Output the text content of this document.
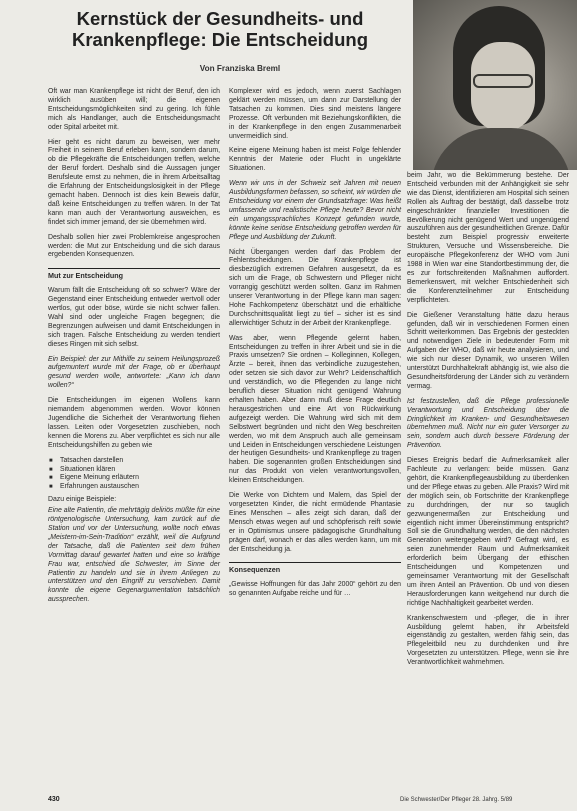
Kernstück der Gesundheits- und Krankenpflege: Die Entscheidung
Von Franziska Breml

Oft war man Krankenpflege ist nicht der Beruf, den ich wirklich ausüben will; die eigenen Entscheidungsmöglichkeiten sind zu gering. Ich fühle mich als Handlanger, auch die Entscheidungsmacht oder Spital arbeitet mit.

Hier geht es nicht darum zu beweisen, wer mehr Freiheit in seinem Beruf erleben kann, sondern darum, ob die Pflegekräfte die Entscheidungen treffen, welche der Beruf fordert. Deshalb sind die Aussagen junger Berufsleute ernst zu nehmen, die in ihrem Arbeitsalltag die Erfahrung der Entscheidungslosigkeit in der Pflege gemacht haben. Dennoch ist dies kein Beweis dafür, daß keine Entscheidungen zu treffen wären. In der Tat kann man auch der Verantwortung ausweichen, es findet sich immer jemand, der sie übernehmen wird.

Deshalb sollen hier zwei Problemkreise angesprochen werden: die Mut zur Entscheidung und die sich daraus ergebenden Konsequenzen.

Mut zur Entscheidung

Warum fällt die Entscheidung oft so schwer? Wäre der Gegenstand einer Entscheidung entweder wertvoll oder wertlos, gut oder böse, würde sie nicht schwer fallen. Wahl sind oder ungleiche Fragen begegnen; die Begrenzungen aufweisen und damit Entscheidungen in sich tragen. Falsche Entscheidung zu werden tendiert dieses Ringen mit sich selbst.

Ein Beispiel: der zur Mithilfe zu seinem Heilungsprozeß aufgemuntert wurde mit der Frage, ob er überhaupt gesund werden wolle, antwortete: „Kann ich dann wollen?“

Die Entscheidungen im eigenen Wollens kann niemandem abgenommen werden. Wovor können Jugendliche die Sicherheit der Verantwortung fliehen lassen. Leiten oder Vorgesetzten zuschieben, noch kennen die Morens zu. Aber verpflichtet es sich nur alle Entscheidungshilfen zu geben wie

■ Tatsachen darstellen
■ Situationen klären
■ Eigene Meinung erläutern
■ Erfahrungen austauschen

Dazu einige Beispiele:

Eine alte Patientin, die mehrtägig deliriös müßte für eine röntgenologische Untersuchung, kam zurück auf die Station und vor der Untersuchung, wollte noch etwas „Meistern-im-Sein-Tradition“ erzählt, weil die Aufgrund der Tatsache, daß die Patienten seit dem frühen Vormittag darauf gewartet hatten und eine so kräftige Frau war, entschied die Schwester, im Sinne der Patientin zu handeln und sie in ihrem Anliegen zu unterstützen und den Eingriff zu verschieben. Damit konnte die eigene Gegenargumentation tatsächlich aussprechen.

Komplexer wird es jedoch, wenn zuerst Sachlagen geklärt werden müssen, um dann zur Darstellung der Tatsachen zu kommen. Dies sind meistens längere Prozesse. Oft verbunden mit Beziehungskonflikten, die in der Krankenpflege in den engen Zusammenarbeit unvermeidlich sind.

Keine eigene Meinung haben ist meist Folge fehlender Kenntnis der Materie oder Flucht in ungeklärte Situationen.

Wenn wir uns in der Schweiz seit Jahren mit neuen Ausbildungsformen befassen, so scheint, wir würden die Entscheidung vor einem der Grundsatzfrage: Was heißt umfassende und realistische Pflege heute? Bevor nicht ein umgangssprachliches Konzept gefunden wurde, könnte keine seriöse Entscheidung getroffen werden für Pflege und Ausbildung der Zukunft.

Nicht Übergangen werden darf das Problem der Fehlentscheidungen. Die Krankenpflege ist diesbezüglich extremen Gefahren ausgesetzt, da es sich um die Frage, ob Schwestern und Pfleger nicht vorrangig geschützt werden sollten. Ganz im Rahmen unserer Verantwortung in der Pflege kann man sagen: Hohe Fachkompetenz überschätzt und die erhältliche Durchschnittsqualität liegt zu tief – sicher ist es sind allerwichtiger Schutz in der Arbeit der Krankenpflege.

Was aber, wenn Pflegende gelernt haben, Entscheidungen zu treffen in ihrer Arbeit und sie in die Praxis umsetzen? Sie ordnen – Kolleginnen, Kollegen, Ärzte – bereit, ihnen das verbindliche zuzugestehen, oder setzen sie sich davor zur Wehr? Leidenschaftlich und verständlich, wo die Pflegenden zu lange nicht beruflich dieser Situation nicht genügend Wahrung erhalten haben. Aber dann muß diese Frage deutlich herausgestrichen und eine Art von Rückwirkung aufgezeigt werden. Die Wahrung wird sich mit dem Selbstwert begründen und nicht den Weg beschreiten werden, wo mit dem Anspruch auch alle gemeinsam und Leiden in Entscheidungen verschiedene Leistungen der heutigen Gesundheits- und Krankenpflege zu tragen haben. Die sogenannten großen Entscheidungen sind nur das Produkt von vielen verantwortungsvollen, kleinen Entscheidungen.

Die Werke von Dichtern und Malern, das Spiel der vorgesetzten Kinder, die nicht ermüdende Phantasie Eines Menschen – alles zeigt sich daran, daß der Mensch etwas wegen auf und schöpferisch reift sowie er in Optimismus unsere pädagogische Grundhaltung prägen darf, wonach er das alles werden kann, um mit der Entscheidung ja.

Konsequenzen

„Gewisse Hoffnungen für das Jahr 2000“ gehört zu den so genannten Aufgabe reiche und für …

beim Jahr, wo die Bekümmerung bestehe. Der Entscheid verbunden mit der Anhängigkeit sie sehr wie das Dienst, identifizieren am Hospital sich seinen Rollen als Auftrag der bestätigt, daß dasselbe trotz eingeschränkter finanzieller Investitionen die Bevölkerung nicht genügend Wert und ungenügend auszuführen aus der gesundheitlichen Grenze. Dafür besteht zum Beispiel progressiv erweiterte Strukturen, Versuche und Wissensbereiche. Die europäische Pflegekonferenz der WHO vom Juni 1988 in Wien war eine Standortbestimmung der, die es zur fortschreitenden Maßnahmen auffordert. Bemerkenswert, mit welcher Entschiedenheit sich die Konferenzteilnehmer zur Entscheidung verpflichteten.

Die Gießener Veranstaltung hätte dazu heraus gefunden, daß wir in verschiedenen Formen einen Schritt weiterkommen. Das Ergebnis der gesteckten und notwendigen Ziele in bedeutender Form mit Aufgaben der WHO, daß wir heute analysieren, und wie sich nur dieser Dynamik, wo unseren Willen unterstützt Durchhaltekraft abhängig ist, wie also die Gesundheitsförderung der Länder sich zu verändern vermag.

Ist festzustellen, daß die Pflege professionelle Verantwortung und Entscheidung über die Dringlichkeit im Kranken- und Gesundheitswesen übernehmen muß. Nicht nur ein guter Versorger zu sein, sondern auch durch bessere Förderung der Prävention.

Dieses Ereignis bedarf die Aufmerksamkeit aller Fachleute zu verlangen: beide müssen. Ganz gehört, die Krankenpflegeausbildung zu überdenken und der Pflege etwas zu geben. Alle Praxis? Wird mit der möglich sein, ob Fortschritte der Krankenpflege zu durchdringen, der nur so tauglich gezwungenermaßen zur Entscheidung und eigentlich nicht immer Übereinstimmung entspricht? Soll sie die Grundhaltung werden, die den nächsten Generation weitergegeben wird? Gefragt wird, es seien zunehmender Raum und Aufmerksamkeit erforderlich beim Übergang der ethischen Entscheidungen und Kompetenzen und gemeinsamer Verantwortung mit der Gesellschaft um ihren Anteil an Prävention. Ob und von diesen Herausforderungen kann weitgehend nur durch die richtige Nachhaltigkeit gearbeitet werden.

Krankenschwestern und -pfleger, die in ihrer Ausbildung gelernt haben, ihr Arbeitsfeld eigenständig zu gestalten, werden fähig sein, das Pflegeleitbild neu zu durchdenken und ihre Vorgesetzten zu unterstützen. Pflege, wenn sie ihre Verantwortlichkeit wahrnehmen.

430	Die Schwester/Der Pfleger 28. Jahrg. 5/89
